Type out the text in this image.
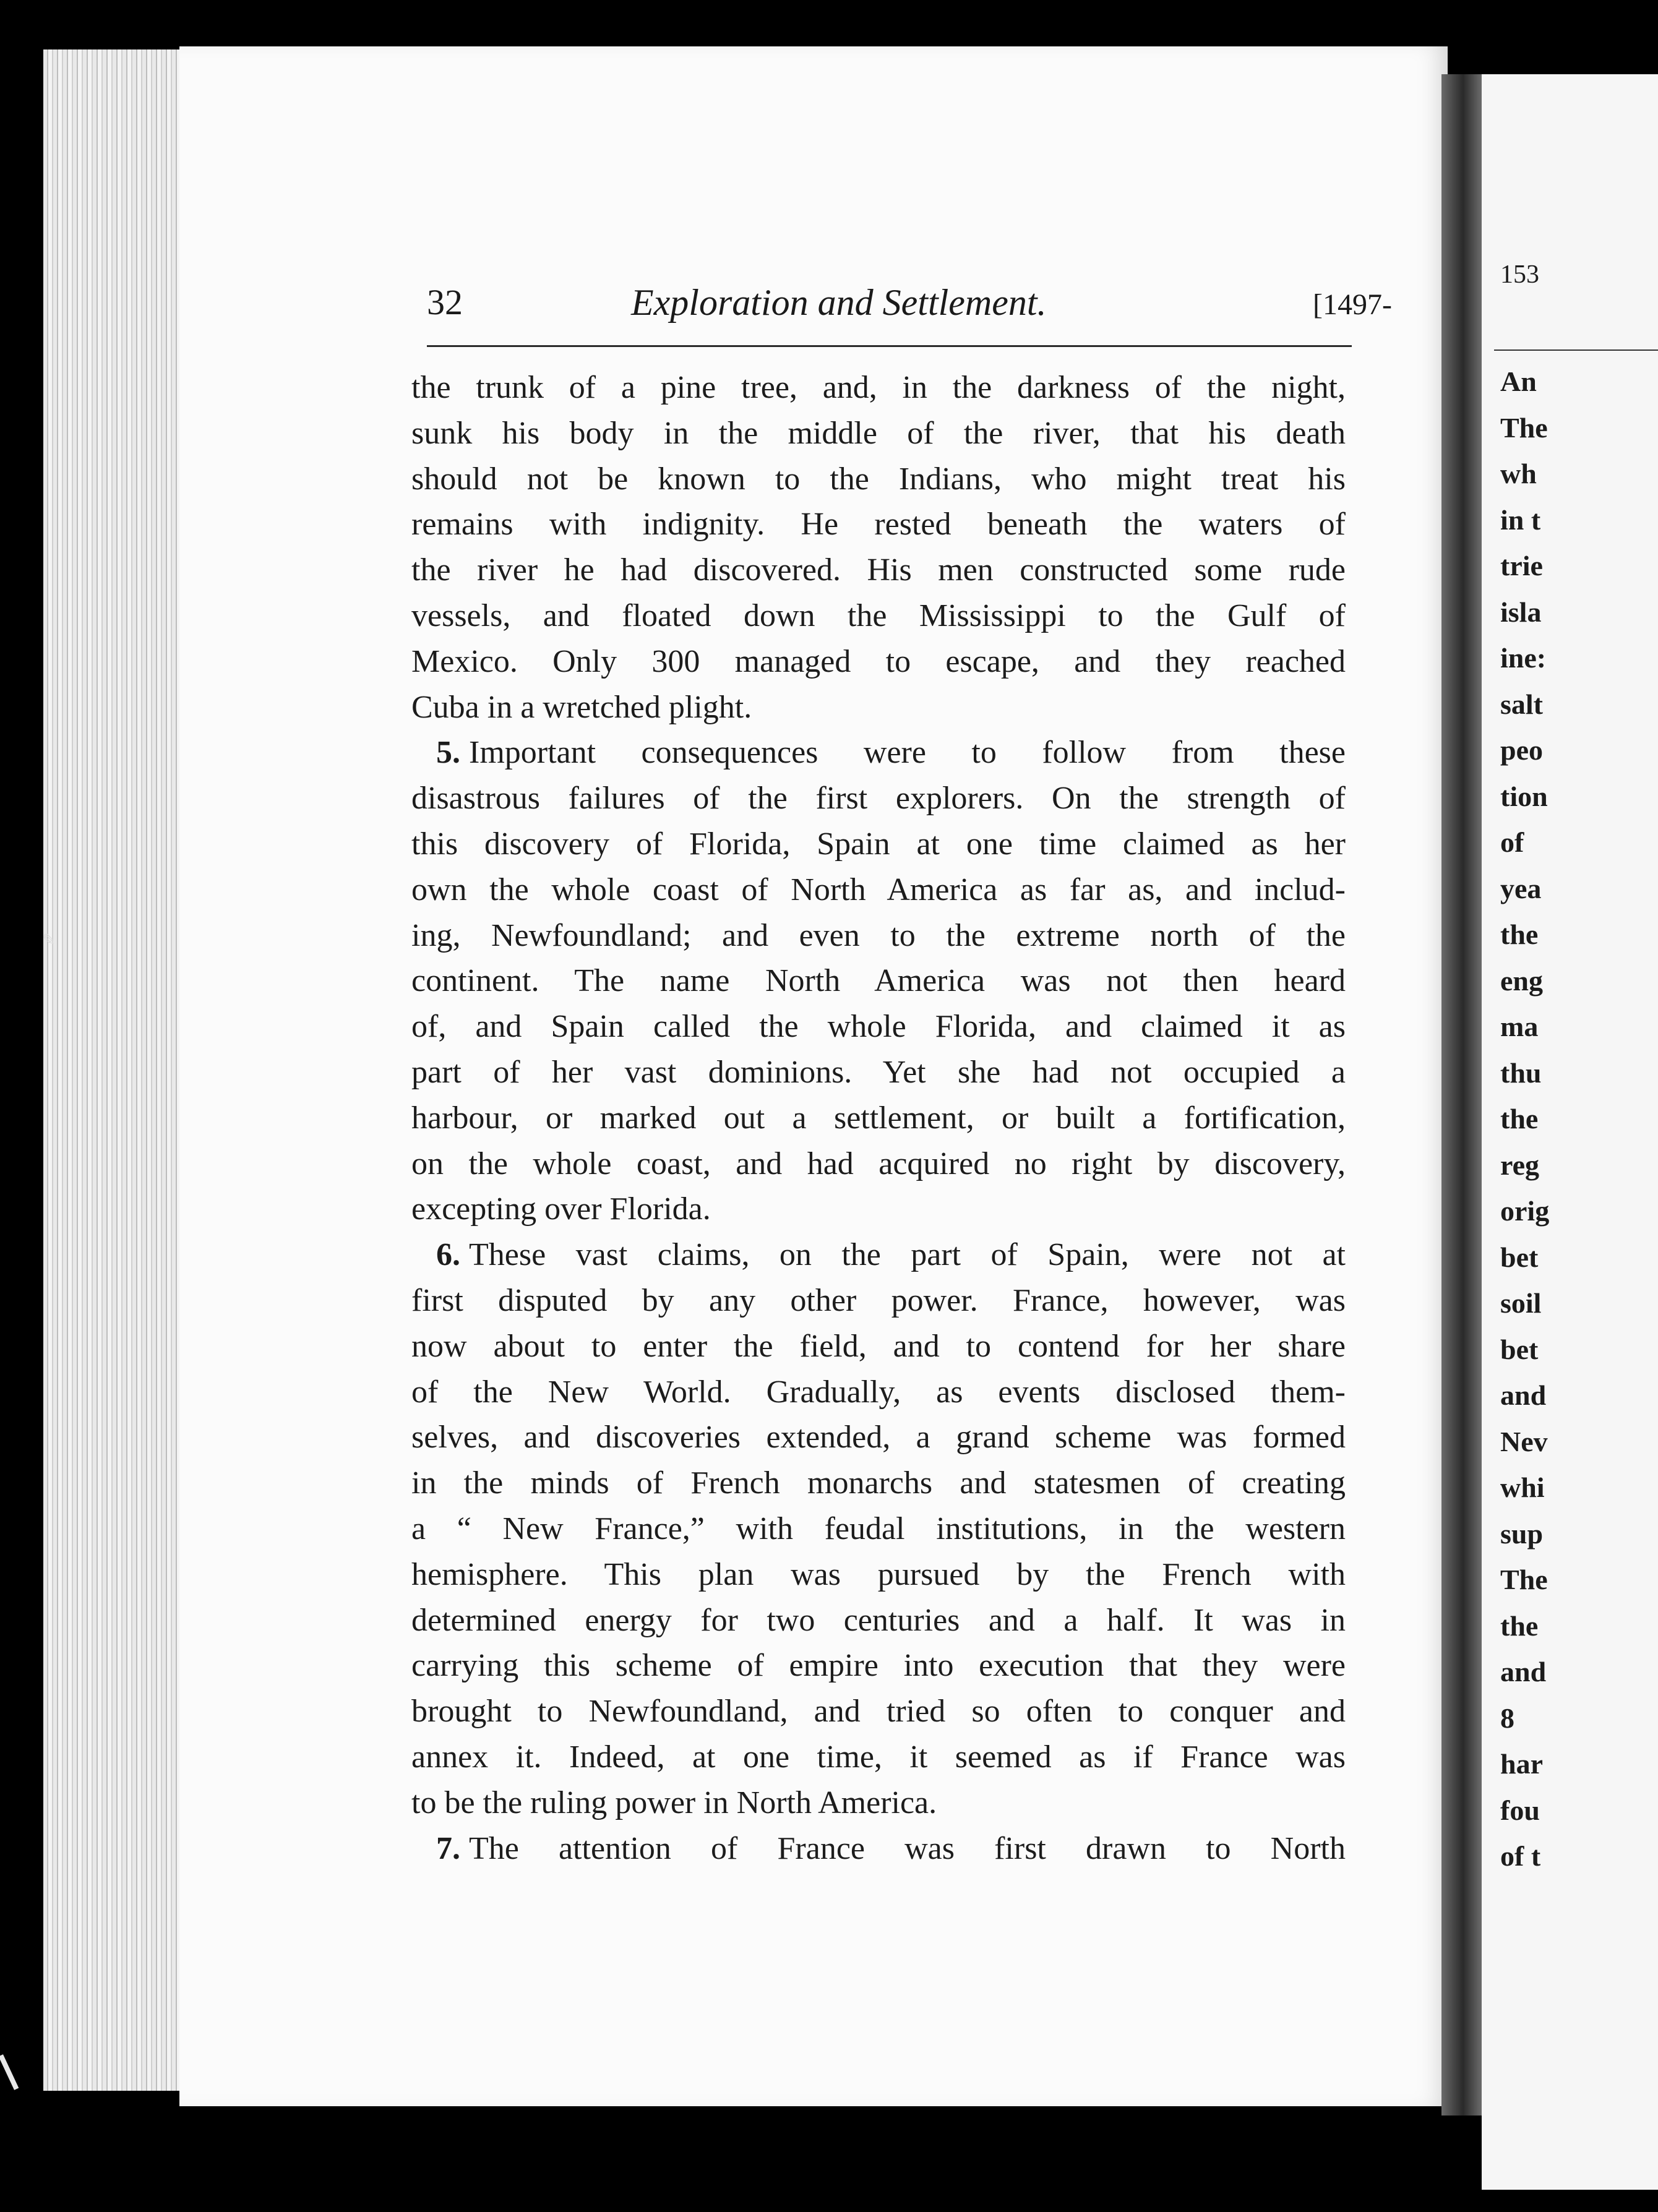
✎
32	Exploration and Settlement.	[1497-
the trunk of a pine tree, and, in the darkness of the night,
sunk his body in the middle of the river, that his death
should not be known to the Indians, who might treat his
remains with indignity. He rested beneath the waters of
the river he had discovered. His men constructed some rude
vessels, and floated down the Mississippi to the Gulf of
Mexico. Only 300 managed to escape, and they reached
Cuba in a wretched plight.
5. Important consequences were to follow from these
disastrous failures of the first explorers. On the strength of
this discovery of Florida, Spain at one time claimed as her
own the whole coast of North America as far as, and includ-
ing, Newfoundland; and even to the extreme north of the
continent. The name North America was not then heard
of, and Spain called the whole Florida, and claimed it as
part of her vast dominions. Yet she had not occupied a
harbour, or marked out a settlement, or built a fortification,
on the whole coast, and had acquired no right by discovery,
excepting over Florida.
6. These vast claims, on the part of Spain, were not at
first disputed by any other power. France, however, was
now about to enter the field, and to contend for her share
of the New World. Gradually, as events disclosed them-
selves, and discoveries extended, a grand scheme was formed
in the minds of French monarchs and statesmen of creating
a “ New France,” with feudal institutions, in the western
hemisphere. This plan was pursued by the French with
determined energy for two centuries and a half. It was in
carrying this scheme of empire into execution that they were
brought to Newfoundland, and tried so often to conquer and
annex it. Indeed, at one time, it seemed as if France was
to be the ruling power in North America.
7. The attention of France was first drawn to North
153
An
The
wh
in t
trie
isla
ine:
salt
peo
tion
of
yea
the
eng
ma
thu
the
reg
orig
bet
soil
bet
and
Nev
whi
sup
The
the
and
8
har
fou
of t
